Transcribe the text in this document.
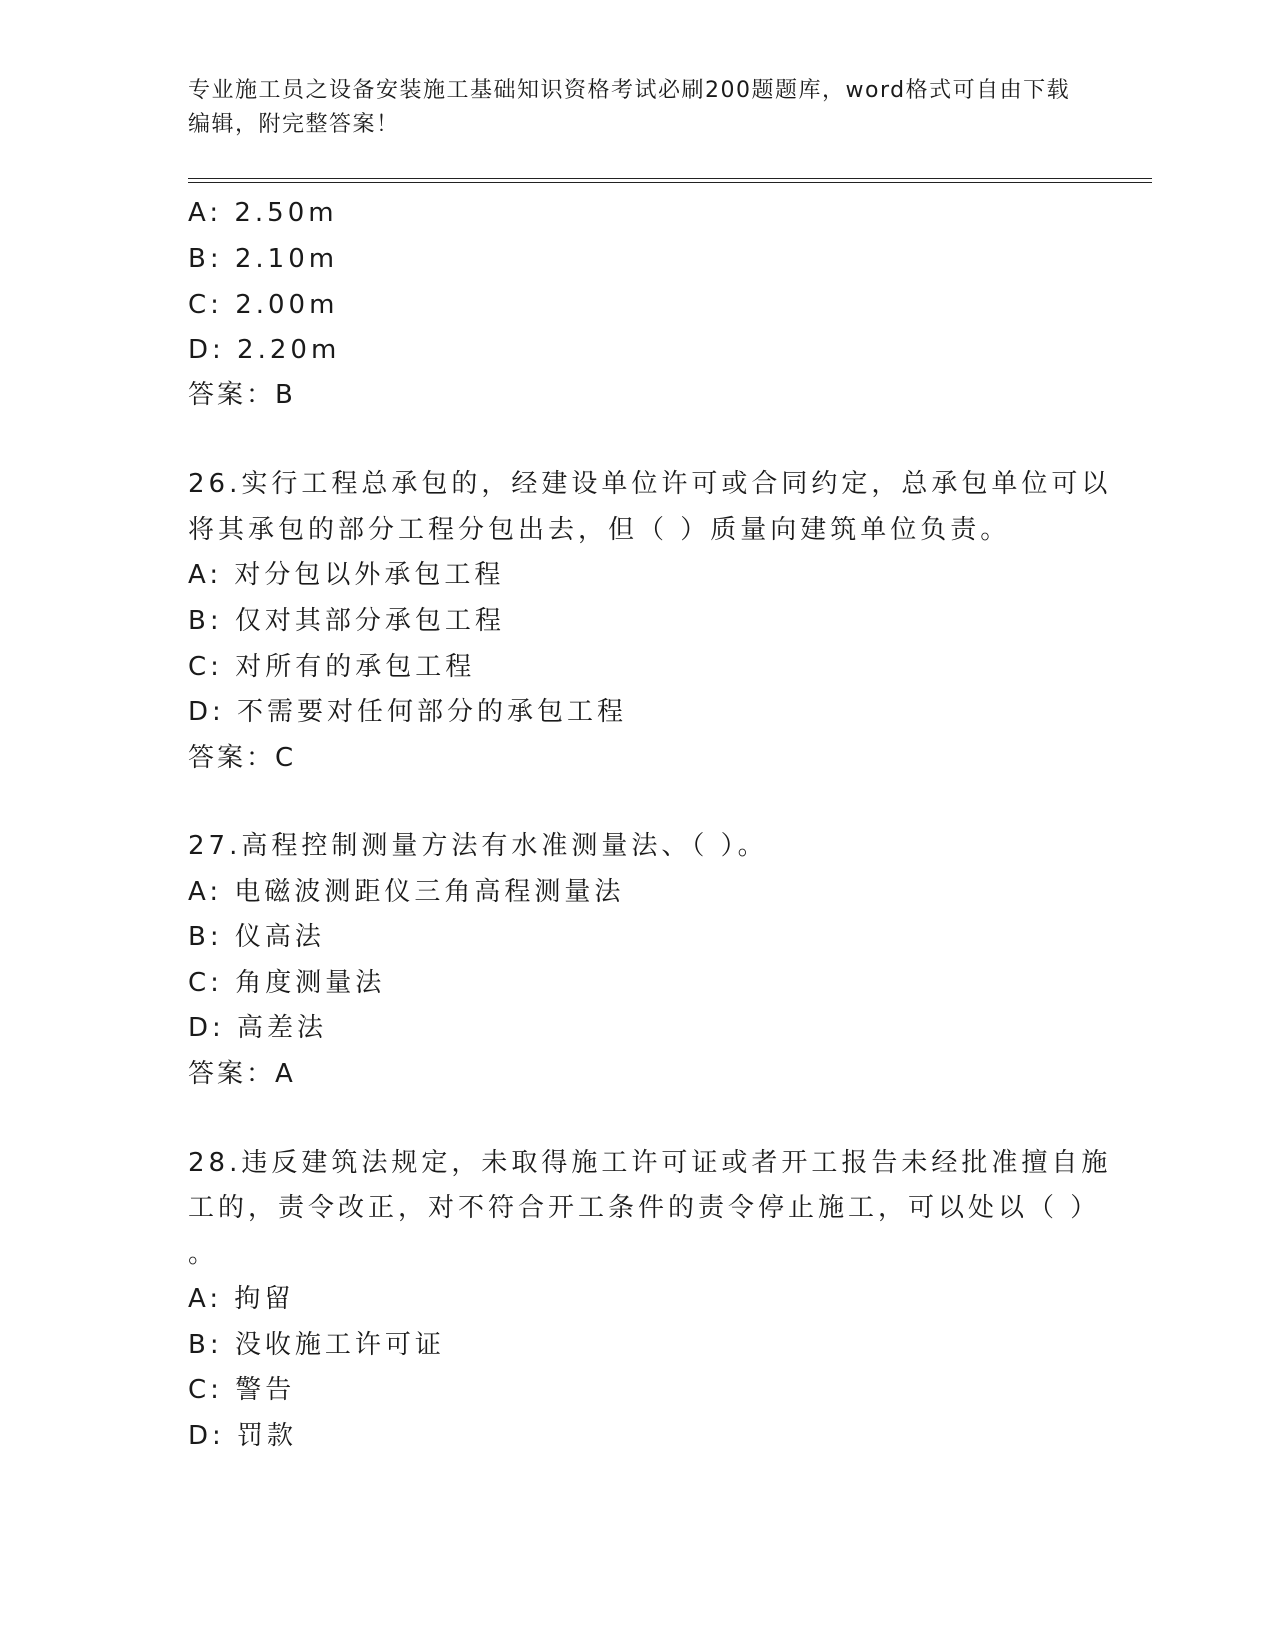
专业施工员之设备安装施工基础知识资格考试必刷200题题库，word格式可自由下载编辑，附完整答案！
A: 2.50m
B: 2.10m
C: 2.00m
D: 2.20m
答案：B
26.实行工程总承包的，经建设单位许可或合同约定，总承包单位可以
将其承包的部分工程分包出去，但（ ）质量向建筑单位负责。
A: 对分包以外承包工程
B: 仅对其部分承包工程
C: 对所有的承包工程
D: 不需要对任何部分的承包工程
答案：C
27.高程控制测量方法有水准测量法、（ ）。
A: 电磁波测距仪三角高程测量法
B: 仪高法
C: 角度测量法
D: 高差法
答案：A
28.违反建筑法规定，未取得施工许可证或者开工报告未经批准擅自施
工的，责令改正，对不符合开工条件的责令停止施工，可以处以（ ）
。
A: 拘留
B: 没收施工许可证
C: 警告
D: 罚款
